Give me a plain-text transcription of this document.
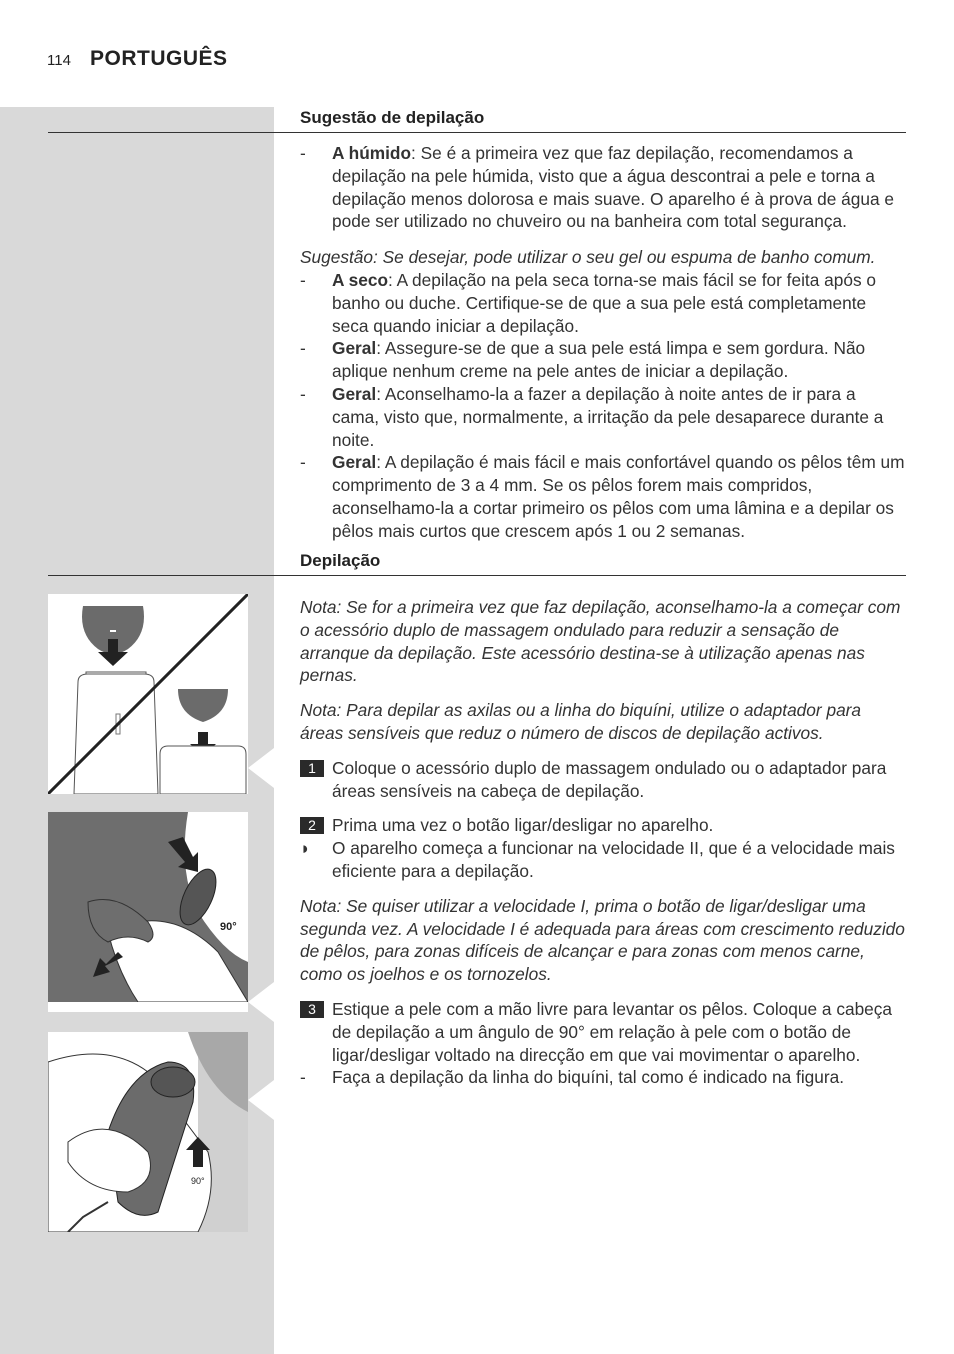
114 PORTUGUÊS
Sugestão de depilação

- A húmido: Se é a primeira vez que faz depilação, recomendamos a depilação na pele húmida, visto que a água descontrai a pele e torna a depilação menos dolorosa e mais suave. O aparelho é à prova de água e pode ser utilizado no chuveiro ou na banheira com total segurança.

Sugestão: Se desejar, pode utilizar o seu gel ou espuma de banho comum.

- A seco: A depilação na pela seca torna-se mais fácil se for feita após o banho ou duche. Certifique-se de que a sua pele está completamente seca quando iniciar a depilação.

- Geral: Assegure-se de que a sua pele está limpa e sem gordura. Não aplique nenhum creme na pele antes de iniciar a depilação.

- Geral: Aconselhamo-la a fazer a depilação à noite antes de ir para a cama, visto que, normalmente, a irritação da pele desaparece durante a noite.

- Geral: A depilação é mais fácil e mais confortável quando os pêlos têm um comprimento de 3 a 4 mm. Se os pêlos forem mais compridos, aconselhamo-la a cortar primeiro os pêlos com uma lâmina e a depilar os pêlos mais curtos que crescem após 1 ou 2 semanas.

Depilação

Nota: Se for a primeira vez que faz depilação, aconselhamo-la a começar com o acessório duplo de massagem ondulado para reduzir a sensação de arranque da depilação. Este acessório destina-se à utilização apenas nas pernas.

Nota: Para depilar as axilas ou a linha do biquíni, utilize o adaptador para áreas sensíveis que reduz o número de discos de depilação activos.

1 Coloque o acessório duplo de massagem ondulado ou o adaptador para áreas sensíveis na cabeça de depilação.

2 Prima uma vez o botão ligar/desligar no aparelho.

◗ O aparelho começa a funcionar na velocidade II, que é a velocidade mais eficiente para a depilação.

Nota: Se quiser utilizar a velocidade I, prima o botão de ligar/desligar uma segunda vez. A velocidade I é adequada para áreas com crescimento reduzido de pêlos, para zonas difíceis de alcançar e para zonas com menos carne, como os joelhos e os tornozelos.

3 Estique a pele com a mão livre para levantar os pêlos. Coloque a cabeça de depilação a um ângulo de 90° em relação à pele com o botão de ligar/desligar voltado na direcção em que vai movimentar o aparelho.

- Faça a depilação da linha do biquíni, tal como é indicado na figura.

90°
90°
